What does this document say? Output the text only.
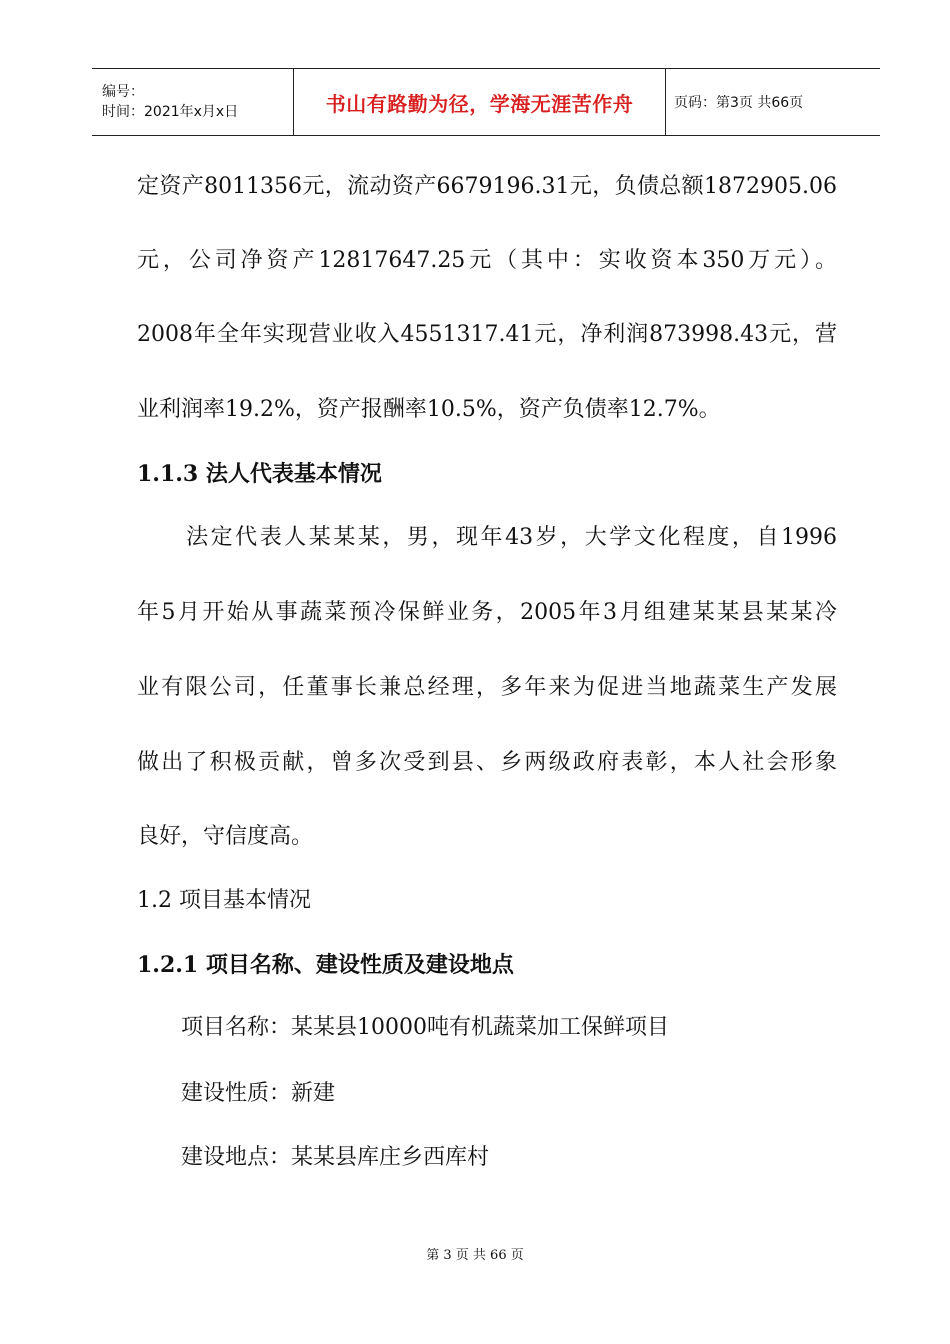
编号：
时间：2021年x月x日	书山有路勤为径，学海无涯苦作舟	页码：第3页 共66页
定资产8011356元，流动资产6679196.31元，负债总额1872905.06
元，公司净资产12817647.25元（其中：实收资本350万元）。
2008年全年实现营业收入4551317.41元，净利润873998.43元，营
业利润率19.2%，资产报酬率10.5%，资产负债率12.7%。
1.1.3 法人代表基本情况
　　法定代表人某某某，男，现年43岁，大学文化程度，自1996
年5月开始从事蔬菜预冷保鲜业务，2005年3月组建某某县某某冷
业有限公司，任董事长兼总经理，多年来为促进当地蔬菜生产发展
做出了积极贡献，曾多次受到县、乡两级政府表彰，本人社会形象
良好，守信度高。
1.2 项目基本情况
1.2.1 项目名称、建设性质及建设地点
　　项目名称：某某县10000吨有机蔬菜加工保鲜项目
　　建设性质：新建
　　建设地点：某某县库庄乡西库村
第 3 页 共 66 页
